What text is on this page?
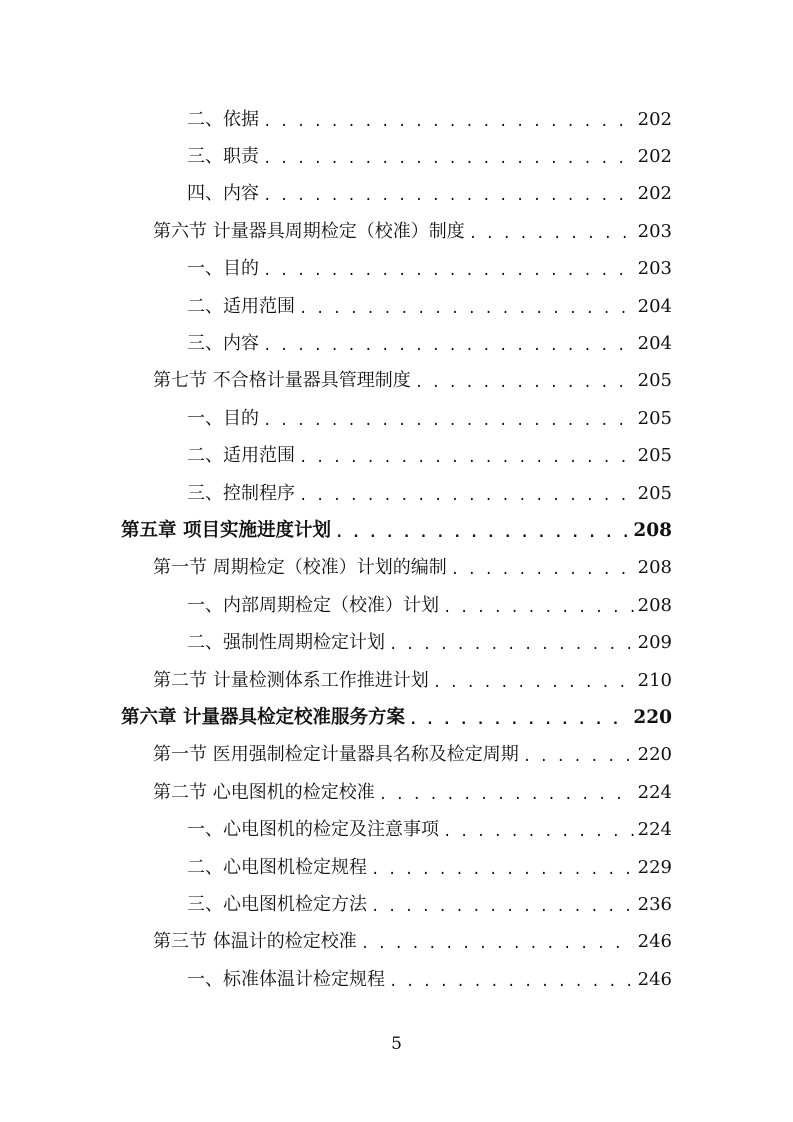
二、依据 . . .	202
三、职责 . . .	202
四、内容 . . .	202
第六节 计量器具周期检定（校准）制度 . . .	203
一、目的 . . .	203
二、适用范围 . . .	204
三、内容 . . .	204
第七节 不合格计量器具管理制度 . . .	205
一、目的 . . .	205
二、适用范围 . . .	205
三、控制程序 . . .	205
第五章 项目实施进度计划 . . .	208
第一节 周期检定（校准）计划的编制 . . .	208
一、内部周期检定（校准）计划 . . .	208
二、强制性周期检定计划 . . .	209
第二节 计量检测体系工作推进计划 . . .	210
第六章 计量器具检定校准服务方案 . . .	220
第一节 医用强制检定计量器具名称及检定周期 . . .	220
第二节 心电图机的检定校准 . . .	224
一、心电图机的检定及注意事项 . . .	224
二、心电图机检定规程 . . .	229
三、心电图机检定方法 . . .	236
第三节 体温计的检定校准 . . .	246
一、标准体温计检定规程 . . .	246
5
